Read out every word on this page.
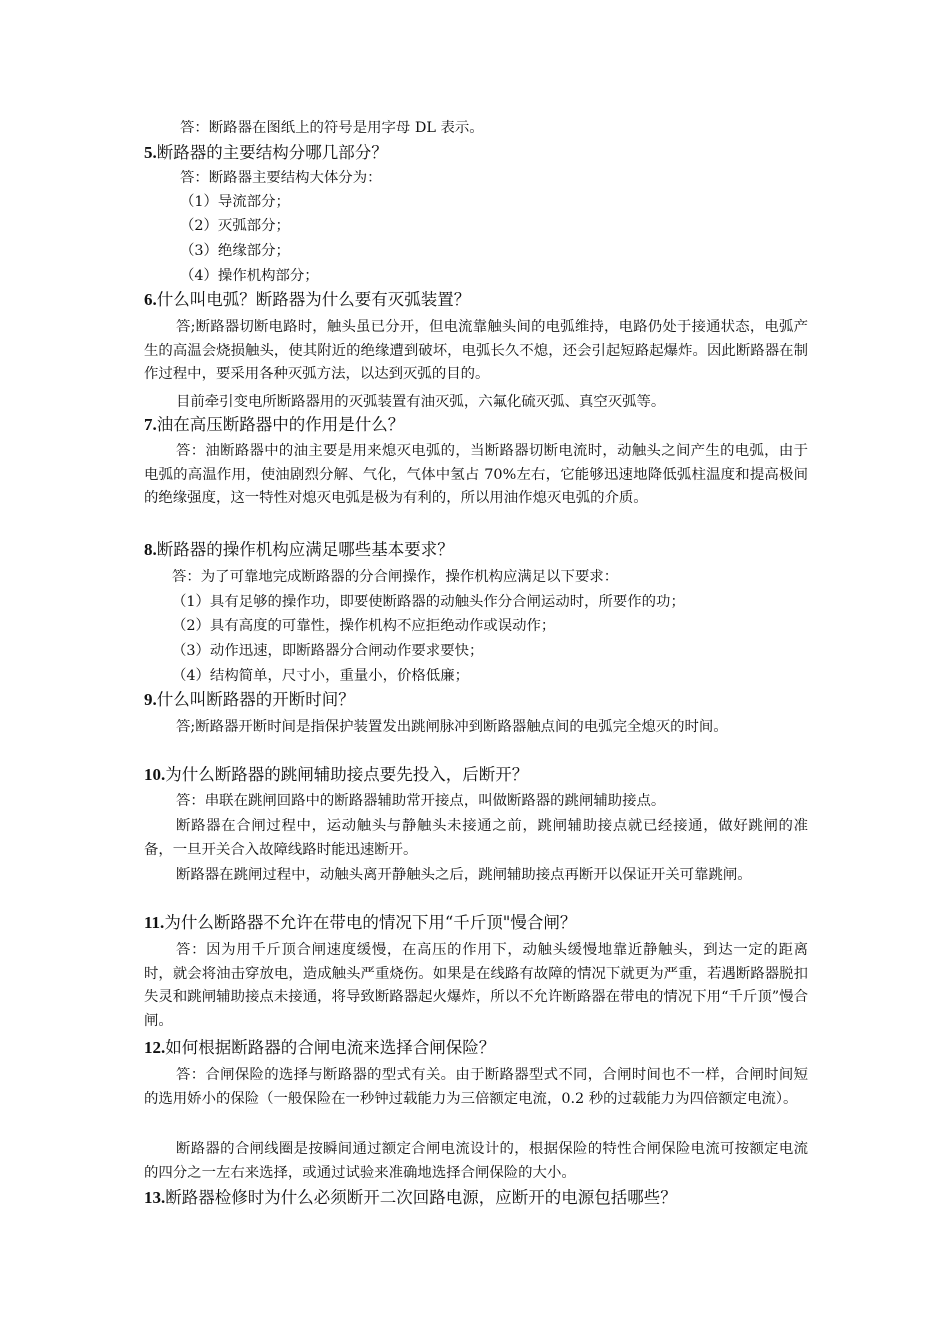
答：断路器在图纸上的符号是用字母 DL 表示。
5.断路器的主要结构分哪几部分？
答：断路器主要结构大体分为：
（1）导流部分；
（2）灭弧部分；
（3）绝缘部分；
（4）操作机构部分；
6.什么叫电弧？断路器为什么要有灭弧装置？
答;断路器切断电路时，触头虽已分开，但电流靠触头间的电弧维持，电路仍处于接通状态，电弧产生的高温会烧损触头，使其附近的绝缘遭到破坏，电弧长久不熄，还会引起短路起爆炸。因此断路器在制作过程中，要采用各种灭弧方法，以达到灭弧的目的。
目前牵引变电所断路器用的灭弧装置有油灭弧，六氟化硫灭弧、真空灭弧等。
7.油在高压断路器中的作用是什么？
答：油断路器中的油主要是用来熄灭电弧的，当断路器切断电流时，动触头之间产生的电弧，由于电弧的高温作用，使油剧烈分解、气化，气体中氢占 70%左右，它能够迅速地降低弧柱温度和提高极间的绝缘强度，这一特性对熄灭电弧是极为有利的，所以用油作熄灭电弧的介质。
8.断路器的操作机构应满足哪些基本要求？
答：为了可靠地完成断路器的分合闸操作，操作机构应满足以下要求：
（1）具有足够的操作功，即要使断路器的动触头作分合闸运动时，所要作的功；
（2）具有高度的可靠性，操作机构不应拒绝动作或误动作；
（3）动作迅速，即断路器分合闸动作要求要快；
（4）结构简单，尺寸小，重量小，价格低廉；
9.什么叫断路器的开断时间？
答;断路器开断时间是指保护装置发出跳闸脉冲到断路器触点间的电弧完全熄灭的时间。
10.为什么断路器的跳闸辅助接点要先投入，后断开？
答：串联在跳闸回路中的断路器辅助常开接点，叫做断路器的跳闸辅助接点。
断路器在合闸过程中，运动触头与静触头未接通之前，跳闸辅助接点就已经接通，做好跳闸的准备，一旦开关合入故障线路时能迅速断开。
断路器在跳闸过程中，动触头离开静触头之后，跳闸辅助接点再断开以保证开关可靠跳闸。
11.为什么断路器不允许在带电的情况下用“千斤顶"慢合闸？
答：因为用千斤顶合闸速度缓慢，在高压的作用下，动触头缓慢地靠近静触头，到达一定的距离时，就会将油击穿放电，造成触头严重烧伤。如果是在线路有故障的情况下就更为严重，若遇断路器脱扣失灵和跳闸辅助接点未接通，将导致断路器起火爆炸，所以不允许断路器在带电的情况下用“千斤顶”慢合闸。
12.如何根据断路器的合闸电流来选择合闸保险？
答：合闸保险的选择与断路器的型式有关。由于断路器型式不同，合闸时间也不一样，合闸时间短的选用娇小的保险（一般保险在一秒钟过载能力为三倍额定电流，0.2 秒的过载能力为四倍额定电流）。
断路器的合闸线圈是按瞬间通过额定合闸电流设计的，根据保险的特性合闸保险电流可按额定电流的四分之一左右来选择，或通过试验来准确地选择合闸保险的大小。
13.断路器检修时为什么必须断开二次回路电源，应断开的电源包括哪些？
